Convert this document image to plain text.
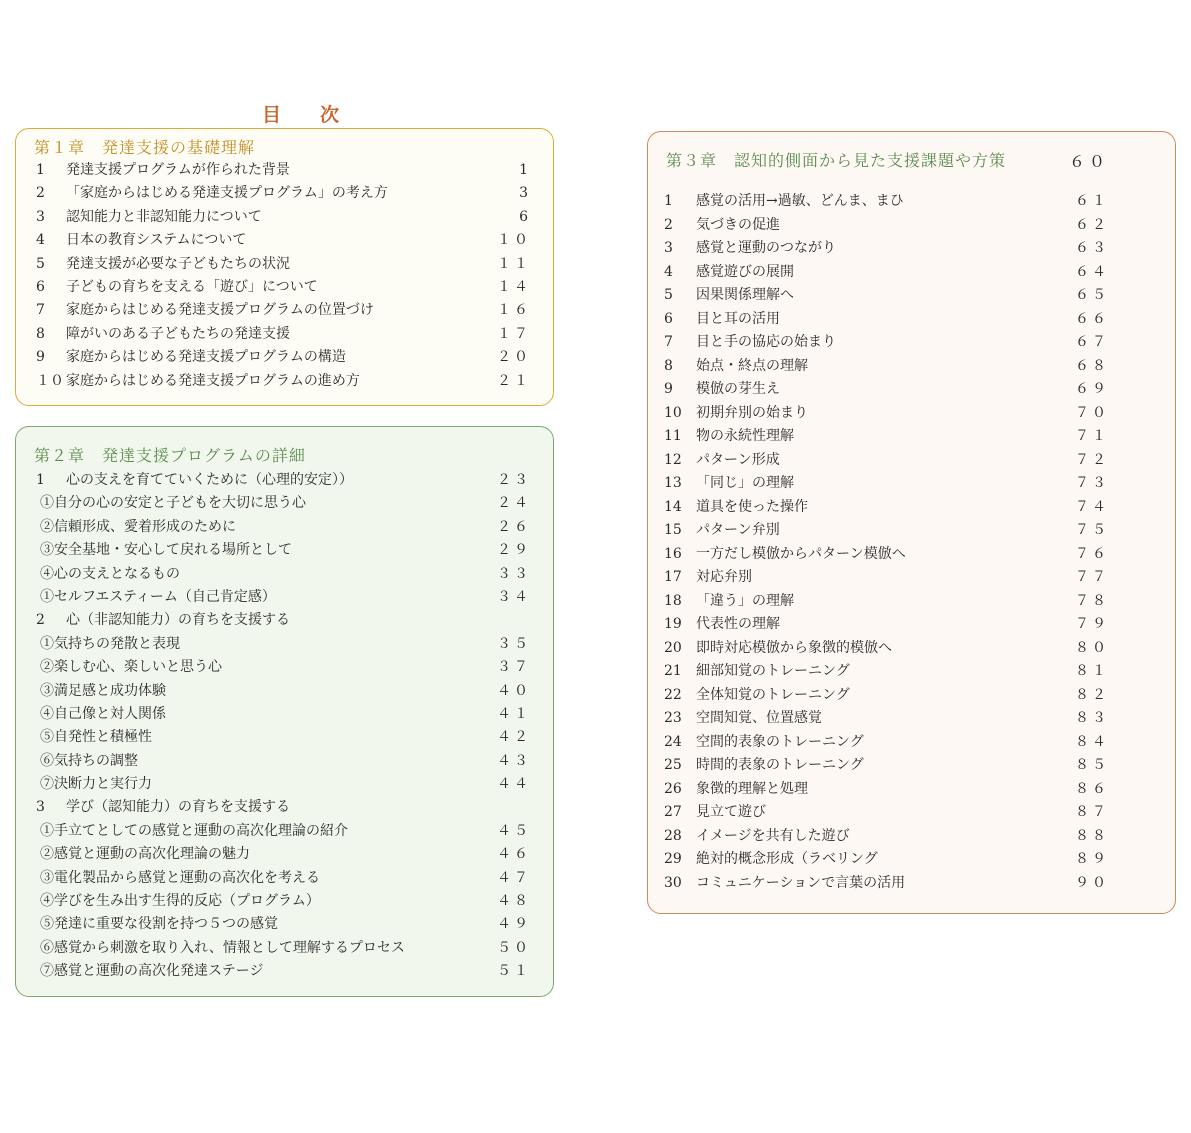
目　次
第１章　発達支援の基礎理解
1 発達支援プログラムが作られた背景	1
2 「家庭からはじめる発達支援プログラム」の考え方	3
3 認知能力と非認知能力について	6
4 日本の教育システムについて	１０
5 発達支援が必要な子どもたちの状況	１１
6 子どもの育ちを支える「遊び」について	１４
7 家庭からはじめる発達支援プログラムの位置づけ	１６
8 障がいのある子どもたちの発達支援	１７
9 家庭からはじめる発達支援プログラムの構造	２０
１０ 家庭からはじめる発達支援プログラムの進め方	２１
第２章　発達支援プログラムの詳細
1 心の支えを育てていくために（心理的安定））	２３
①自分の心の安定と子どもを大切に思う心	２４
②信頼形成、愛着形成のために	２６
③安全基地・安心して戻れる場所として	２９
④心の支えとなるもの	３３
①セルフエスティーム（自己肯定感）	３４
2 心（非認知能力）の育ちを支援する
①気持ちの発散と表現	３５
②楽しむ心、楽しいと思う心	３７
③満足感と成功体験	４０
④自己像と対人関係	４１
⑤自発性と積極性	４２
⑥気持ちの調整	４３
⑦決断力と実行力	４４
3 学び（認知能力）の育ちを支援する
①手立てとしての感覚と運動の高次化理論の紹介	４５
②感覚と運動の高次化理論の魅力	４６
③電化製品から感覚と運動の高次化を考える	４７
④学びを生み出す生得的反応（プログラム）	４８
⑤発達に重要な役割を持つ５つの感覚	４９
⑥感覚から刺激を取り入れ、情報として理解するプロセス	５０
⑦感覚と運動の高次化発達ステージ	５１
第３章　認知的側面から見た支援課題や方策	６０
1 感覚の活用→過敏、どんま、まひ	６１
2 気づきの促進	６２
3 感覚と運動のつながり	６３
4 感覚遊びの展開	６４
5 因果関係理解へ	６５
6 目と耳の活用	６６
7 目と手の協応の始まり	６７
8 始点・終点の理解	６８
9 模倣の芽生え	６９
10 初期弁別の始まり	７０
11 物の永続性理解	７１
12 パターン形成	７２
13 「同じ」の理解	７３
14 道具を使った操作	７４
15 パターン弁別	７５
16 一方だし模倣からパターン模倣へ	７６
17 対応弁別	７７
18 「違う」の理解	７８
19 代表性の理解	７９
20 即時対応模倣から象徴的模倣へ	８０
21 細部知覚のトレーニング	８１
22 全体知覚のトレーニング	８２
23 空間知覚、位置感覚	８３
24 空間的表象のトレーニング	８４
25 時間的表象のトレーニング	８５
26 象徴的理解と処理	８６
27 見立て遊び	８７
28 イメージを共有した遊び	８８
29 絶対的概念形成（ラベリング	８９
30 コミュニケーションで言葉の活用	９０
